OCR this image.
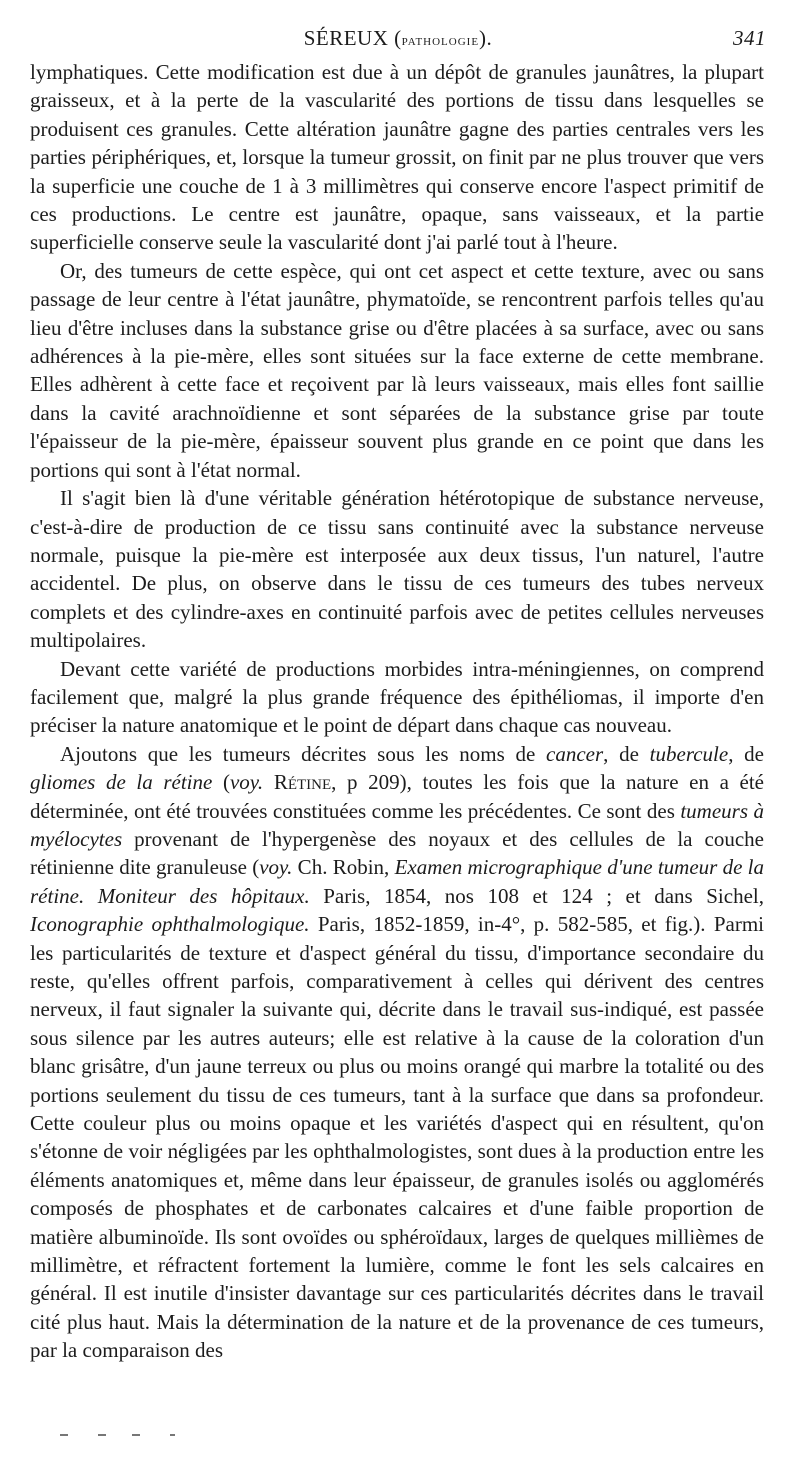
SÉREUX (pathologie).	341

lymphatiques. Cette modification est due à un dépôt de granules jaunâtres, la plupart graisseux, et à la perte de la vascularité des portions de tissu dans lesquelles se produisent ces granules. Cette altération jaunâtre gagne des parties centrales vers les parties périphériques, et, lorsque la tumeur grossit, on finit par ne plus trouver que vers la superficie une couche de 1 à 3 millimètres qui conserve encore l'aspect primitif de ces productions. Le centre est jaunâtre, opaque, sans vaisseaux, et la partie superficielle conserve seule la vascularité dont j'ai parlé tout à l'heure.

Or, des tumeurs de cette espèce, qui ont cet aspect et cette texture, avec ou sans passage de leur centre à l'état jaunâtre, phymatoïde, se rencontrent parfois telles qu'au lieu d'être incluses dans la substance grise ou d'être placées à sa surface, avec ou sans adhérences à la pie-mère, elles sont situées sur la face externe de cette membrane. Elles adhèrent à cette face et reçoivent par là leurs vaisseaux, mais elles font saillie dans la cavité arachnoïdienne et sont séparées de la substance grise par toute l'épaisseur de la pie-mère, épaisseur souvent plus grande en ce point que dans les portions qui sont à l'état normal.

Il s'agit bien là d'une véritable génération hétérotopique de substance nerveuse, c'est-à-dire de production de ce tissu sans continuité avec la substance nerveuse normale, puisque la pie-mère est interposée aux deux tissus, l'un naturel, l'autre accidentel. De plus, on observe dans le tissu de ces tumeurs des tubes nerveux complets et des cylindre-axes en continuité parfois avec de petites cellules nerveuses multipolaires.

Devant cette variété de productions morbides intra-méningiennes, on comprend facilement que, malgré la plus grande fréquence des épithéliomas, il importe d'en préciser la nature anatomique et le point de départ dans chaque cas nouveau.

Ajoutons que les tumeurs décrites sous les noms de cancer, de tubercule, de gliomes de la rétine (voy. Rétine, p 209), toutes les fois que la nature en a été déterminée, ont été trouvées constituées comme les précédentes. Ce sont des tumeurs à myélocytes provenant de l'hypergenèse des noyaux et des cellules de la couche rétinienne dite granuleuse (voy. Ch. Robin, Examen micrographique d'une tumeur de la rétine. Moniteur des hôpitaux. Paris, 1854, nos 108 et 124 ; et dans Sichel, Iconographie ophthalmologique. Paris, 1852-1859, in-4°, p. 582-585, et fig.). Parmi les particularités de texture et d'aspect général du tissu, d'importance secondaire du reste, qu'elles offrent parfois, comparativement à celles qui dérivent des centres nerveux, il faut signaler la suivante qui, décrite dans le travail sus-indiqué, est passée sous silence par les autres auteurs; elle est relative à la cause de la coloration d'un blanc grisâtre, d'un jaune terreux ou plus ou moins orangé qui marbre la totalité ou des portions seulement du tissu de ces tumeurs, tant à la surface que dans sa profondeur. Cette couleur plus ou moins opaque et les variétés d'aspect qui en résultent, qu'on s'étonne de voir négligées par les ophthalmologistes, sont dues à la production entre les éléments anatomiques et, même dans leur épaisseur, de granules isolés ou agglomérés composés de phosphates et de carbonates calcaires et d'une faible proportion de matière albuminoïde. Ils sont ovoïdes ou sphéroïdaux, larges de quelques millièmes de millimètre, et réfractent fortement la lumière, comme le font les sels calcaires en général. Il est inutile d'insister davantage sur ces particularités décrites dans le travail cité plus haut. Mais la détermination de la nature et de la provenance de ces tumeurs, par la comparaison des
